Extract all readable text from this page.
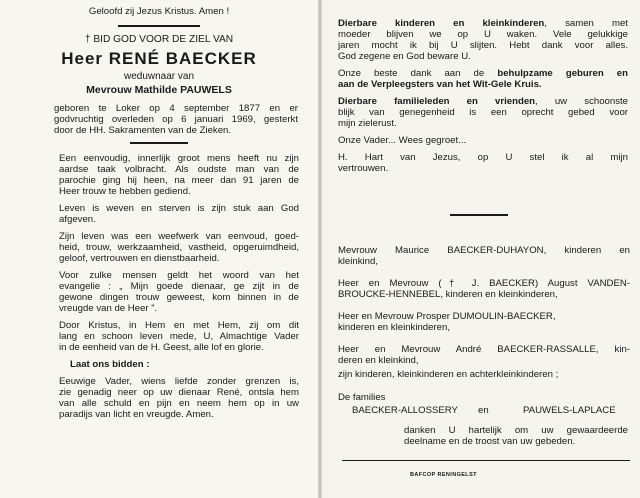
Geloofd zij Jezus Kristus. Amen !
† BID GOD VOOR DE ZIEL VAN
Heer RENÉ BAECKER
weduwnaar van
Mevrouw Mathilde PAUWELS
geboren te Loker op 4 september 1877 en er
godvruchtig overleden op 6 januari 1969, gesterkt
door de HH. Sakramenten van de Zieken.
Een eenvoudig, innerlijk groot mens heeft nu zijn
aardse taak volbracht. Als oudste man van de
parochie ging hij heen, na meer dan 91 jaren de
Heer trouw te hebben gediend.
Leven is weven en sterven is zijn stuk aan God
afgeven.
Zijn leven was een weefwerk van eenvoud, goed-
heid, trouw, werkzaamheid, vastheid, opgeruimdheid,
geloof, vertrouwen en dienstbaarheid.
Voor zulke mensen geldt het woord van het
evangelie : „ Mijn goede dienaar, ge zijt in de
gewone dingen trouw geweest, kom binnen in de
vreugde van de Heer ”.
Door Kristus, in Hem en met Hem, zij om dit
lang en schoon leven mede, U, Almachtige Vader
in de eenheid van de H. Geest, alle lof en glorie.
Laat ons bidden :
Eeuwige Vader, wiens liefde zonder grenzen is,
zie genadig neer op uw dienaar René, ontsla hem
van alle schuld en pijn en neem hem op in uw
paradijs van licht en vreugde. Amen.
Dierbare kinderen en kleinkinderen, samen met
moeder blijven we op U waken. Vele gelukkige
jaren mocht ik bij U slijten. Hebt dank voor alles.
God zegene en God beware U.
Onze beste dank aan de behulpzame geburen en
aan de Verpleegsters van het Wit-Gele Kruis.
Dierbare familieleden en vrienden, uw schoonste
blijk van genegenheid is een oprecht gebed voor
mijn zielerust.
Onze Vader... Wees gegroet...
H. Hart van Jezus, op U stel ik al mijn
vertrouwen.
Mevrouw Maurice BAECKER-DUHAYON, kinderen en
kleinkind,
Heer en Mevrouw († J. BAECKER) August VANDEN-
BROUCKE-HENNEBEL, kinderen en kleinkinderen,
Heer en Mevrouw Prosper DUMOULIN-BAECKER,
kinderen en kleinkinderen,
Heer en Mevrouw André BAECKER-RASSALLE, kin-
deren en kleinkind,
zijn kinderen, kleinkinderen en achterkleinkinderen ;
De families
BAECKER-ALLOSSERY en	PAUWELS-LAPLACE
danken U hartelijk om uw gewaardeerde
deelname en de troost van uw gebeden.
BAFCOP RENINGELST
